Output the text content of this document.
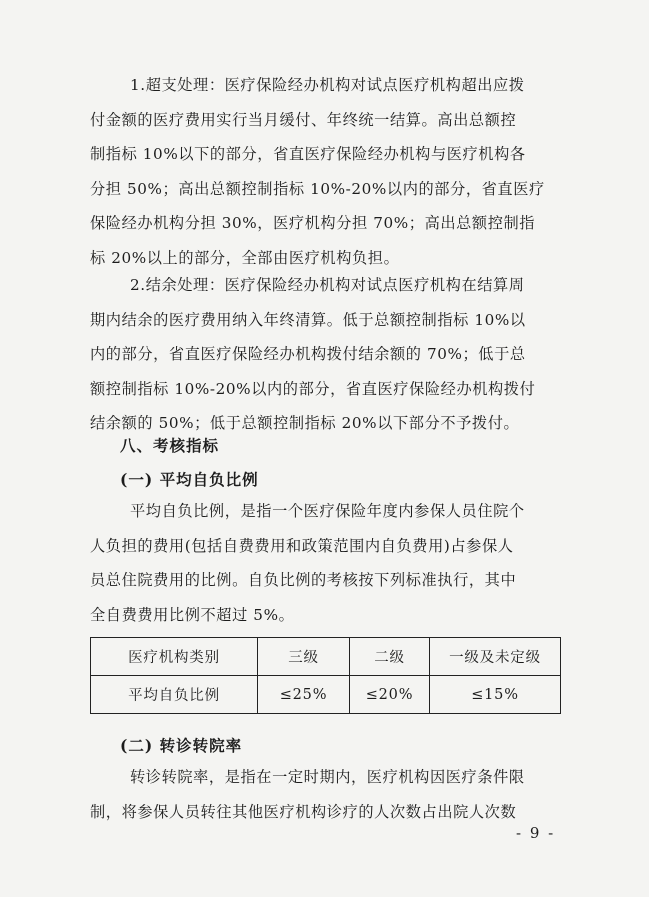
1.超支处理：医疗保险经办机构对试点医疗机构超出应拨
付金额的医疗费用实行当月缓付、年终统一结算。高出总额控
制指标 10%以下的部分，省直医疗保险经办机构与医疗机构各
分担 50%；高出总额控制指标 10%-20%以内的部分，省直医疗
保险经办机构分担 30%，医疗机构分担 70%；高出总额控制指
标 20%以上的部分，全部由医疗机构负担。
2.结余处理：医疗保险经办机构对试点医疗机构在结算周
期内结余的医疗费用纳入年终清算。低于总额控制指标 10%以
内的部分，省直医疗保险经办机构拨付结余额的 70%；低于总
额控制指标 10%-20%以内的部分，省直医疗保险经办机构拨付
结余额的 50%；低于总额控制指标 20%以下部分不予拨付。
八、考核指标
(一) 平均自负比例
平均自负比例，是指一个医疗保险年度内参保人员住院个
人负担的费用(包括自费费用和政策范围内自负费用)占参保人
员总住院费用的比例。自负比例的考核按下列标准执行，其中
全自费费用比例不超过 5%。
医疗机构类别	三级	二级	一级及未定级
平均自负比例	≤25%	≤20%	≤15%
(二) 转诊转院率
转诊转院率，是指在一定时期内，医疗机构因医疗条件限
制，将参保人员转往其他医疗机构诊疗的人次数占出院人次数
- 9 -
